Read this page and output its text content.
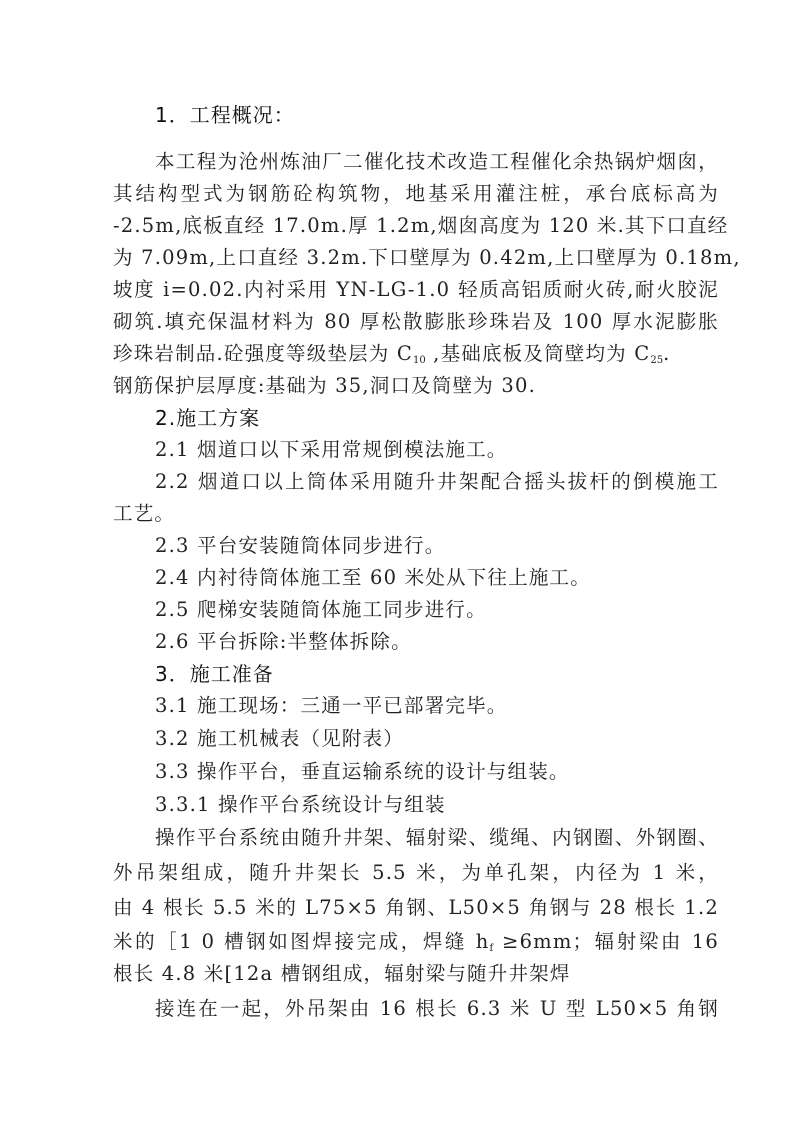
1．工程概况：
本工程为沧州炼油厂二催化技术改造工程催化余热锅炉烟囱，
其结构型式为钢筋砼构筑物，地基采用灌注桩，承台底标高为
-2.5m,底板直经 17.0m.厚 1.2m,烟囱高度为 120 米.其下口直经
为 7.09m,上口直经 3.2m.下口壁厚为 0.42m,上口壁厚为 0.18m,
坡度 i=0.02.内衬采用 YN-LG-1.0 轻质高铝质耐火砖,耐火胶泥
砌筑.填充保温材料为 80 厚松散膨胀珍珠岩及 100 厚水泥膨胀
珍珠岩制品.砼强度等级垫层为 $C_{10}$ ,基础底板及筒壁均为 $C_{25}$.
钢筋保护层厚度:基础为 35,洞口及筒壁为 30.
2.施工方案
2.1 烟道口以下采用常规倒模法施工。
2.2 烟道口以上筒体采用随升井架配合摇头拔杆的倒模施工
工艺。
2.3 平台安装随筒体同步进行。
2.4 内衬待筒体施工至 60 米处从下往上施工。
2.5 爬梯安装随筒体施工同步进行。
2.6 平台拆除:半整体拆除。
3．施工准备
3.1 施工现场：三通一平已部署完毕。
3.2 施工机械表（见附表）
3.3 操作平台，垂直运输系统的设计与组装。
3.3.1 操作平台系统设计与组装
操作平台系统由随升井架、辐射梁、缆绳、内钢圈、外钢圈、
外吊架组成，随升井架长 5.5 米，为单孔架，内径为 1 米，
由 4 根长 5.5 米的 L75×5 角钢、L50×5 角钢与 28 根长 1.2
米的［1 0 槽钢如图焊接完成，焊缝 $h_f \ge 6mm$；辐射梁由 16
根长 4.8 米[12a 槽钢组成，辐射梁与随升井架焊
接连在一起，外吊架由 16 根长 6.3 米 U 型 L50×5 角钢
